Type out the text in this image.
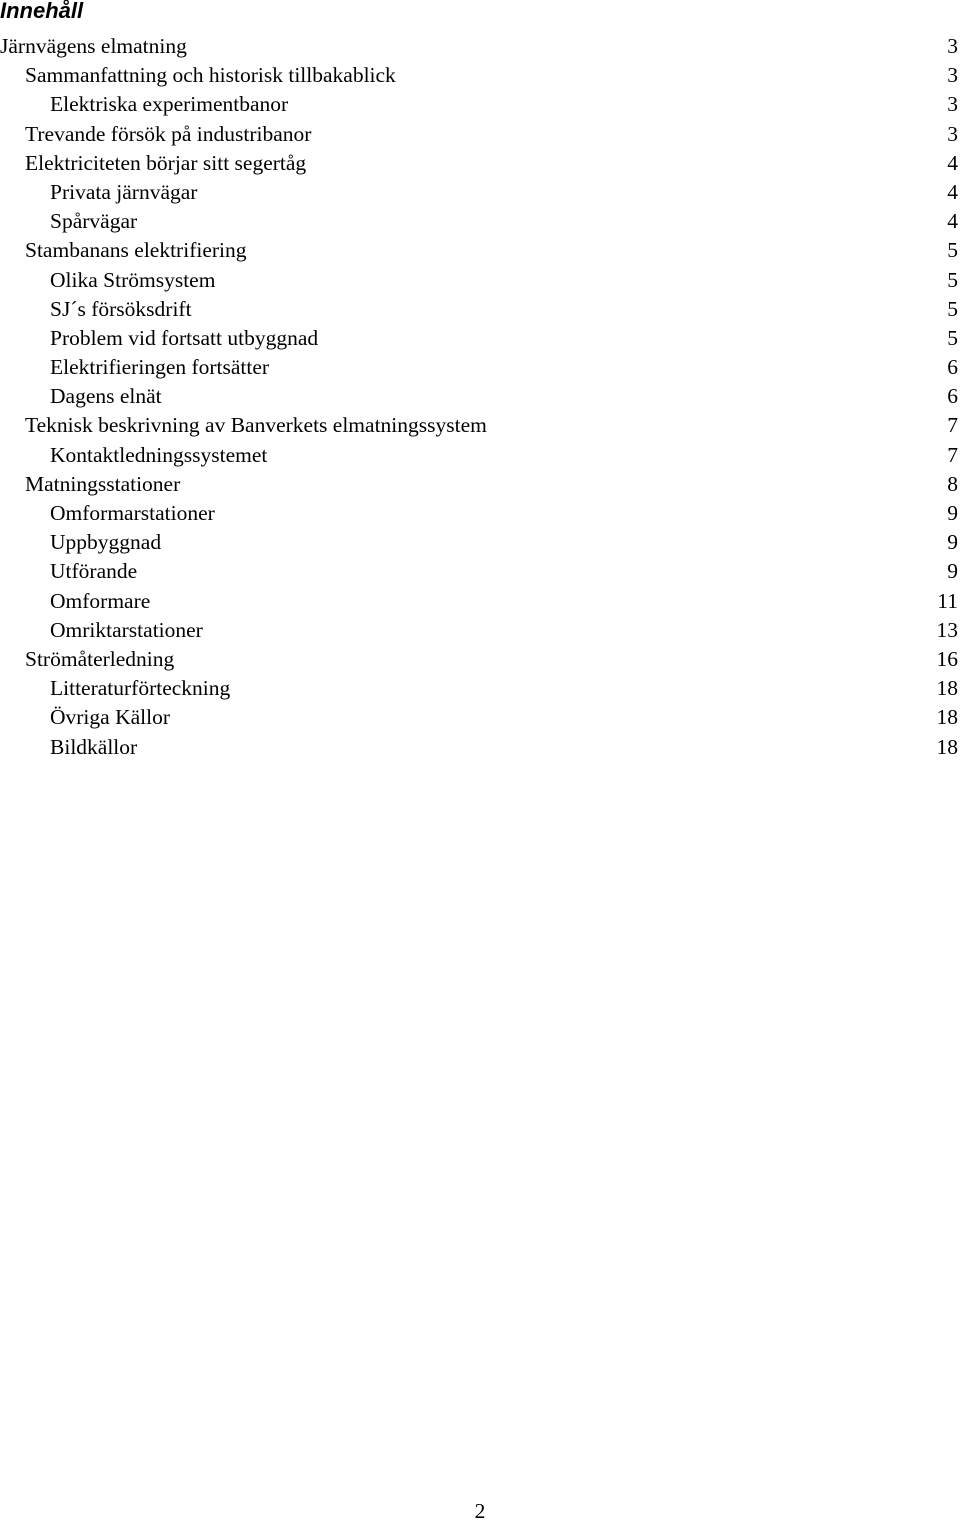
Innehåll
Järnvägens elmatning	3
Sammanfattning och historisk tillbakablick	3
Elektriska experimentbanor	3
Trevande försök på industribanor	3
Elektriciteten börjar sitt segertåg	4
Privata järnvägar	4
Spårvägar	4
Stambanans elektrifiering	5
Olika Strömsystem	5
SJ´s försöksdrift	5
Problem vid fortsatt utbyggnad	5
Elektrifieringen fortsätter	6
Dagens elnät	6
Teknisk beskrivning av Banverkets elmatningssystem	7
Kontaktledningssystemet	7
Matningsstationer	8
Omformarstationer	9
Uppbyggnad	9
Utförande	9
Omformare	11
Omriktarstationer	13
Strömåterledning	16
Litteraturförteckning	18
Övriga Källor	18
Bildkällor	18
2
